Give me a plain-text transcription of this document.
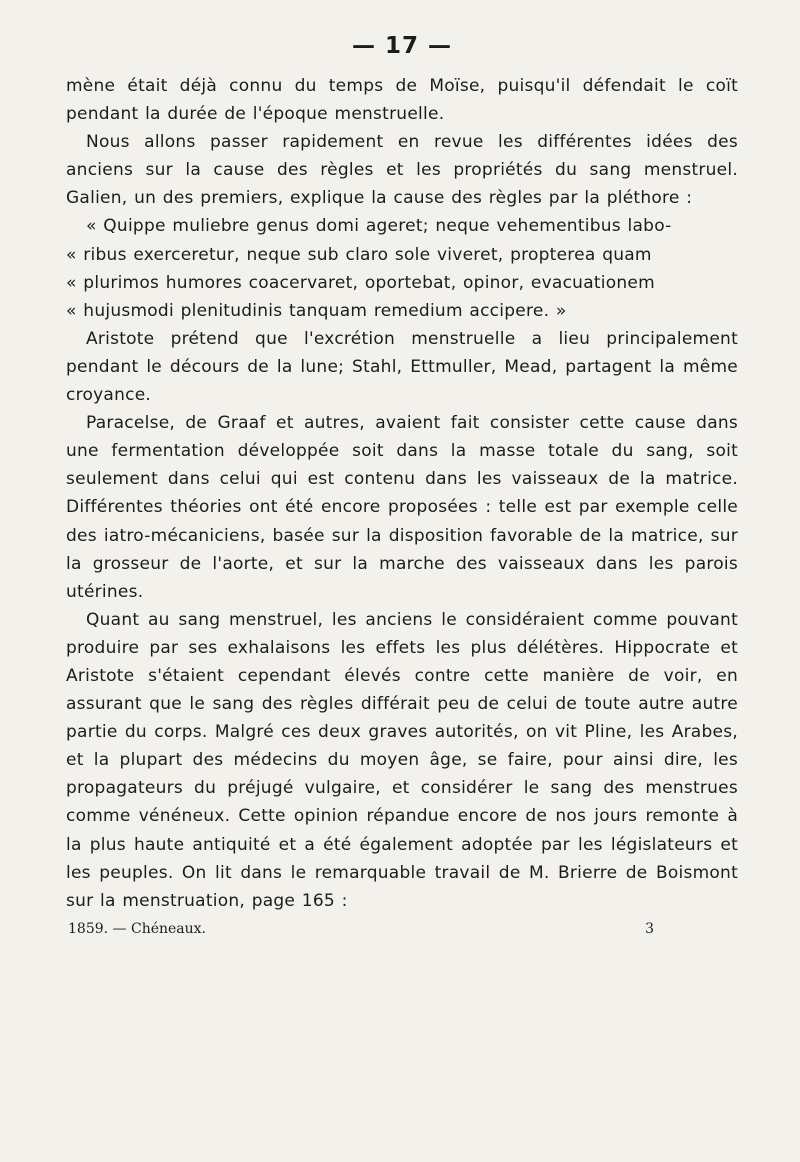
— 17 —

mène était déjà connu du temps de Moïse, puisqu'il défendait le coït pendant la durée de l'époque menstruelle.

Nous allons passer rapidement en revue les différentes idées des anciens sur la cause des règles et les propriétés du sang menstruel. Galien, un des premiers, explique la cause des règles par la pléthore :

« Quippe muliebre genus domi ageret; neque vehementibus labo-

« ribus exerceretur, neque sub claro sole viveret, propterea quam

« plurimos humores coacervaret, oportebat, opinor, evacuationem

« hujusmodi plenitudinis tanquam remedium accipere. »

Aristote prétend que l'excrétion menstruelle a lieu principalement pendant le décours de la lune; Stahl, Ettmuller, Mead, partagent la même croyance.

Paracelse, de Graaf et autres, avaient fait consister cette cause dans une fermentation développée soit dans la masse totale du sang, soit seulement dans celui qui est contenu dans les vaisseaux de la matrice. Différentes théories ont été encore proposées : telle est par exemple celle des iatro-mécaniciens, basée sur la disposition favorable de la matrice, sur la grosseur de l'aorte, et sur la marche des vaisseaux dans les parois utérines.

Quant au sang menstruel, les anciens le considéraient comme pouvant produire par ses exhalaisons les effets les plus délétères. Hippocrate et Aristote s'étaient cependant élevés contre cette manière de voir, en assurant que le sang des règles différait peu de celui de toute autre autre partie du corps. Malgré ces deux graves autorités, on vit Pline, les Arabes, et la plupart des médecins du moyen âge, se faire, pour ainsi dire, les propagateurs du préjugé vulgaire, et considérer le sang des menstrues comme vénéneux. Cette opinion répandue encore de nos jours remonte à la plus haute antiquité et a été également adoptée par les législateurs et les peuples. On lit dans le remarquable travail de M. Brierre de Boismont sur la menstruation, page 165 :

1859. — Chéneaux.	3
